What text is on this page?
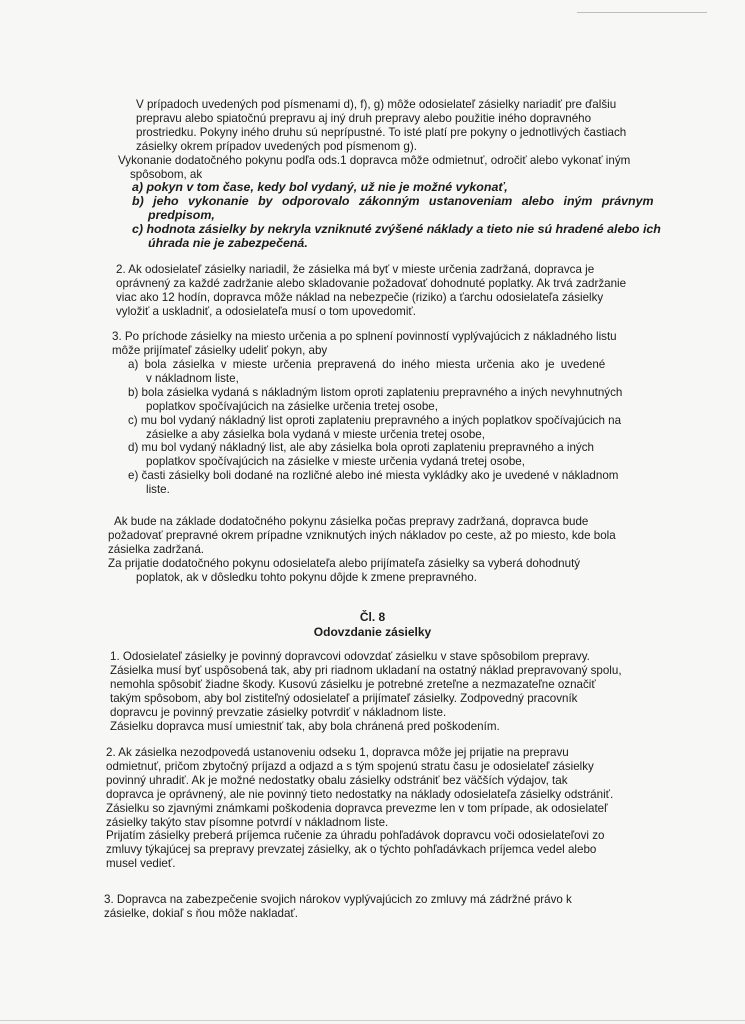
V prípadoch uvedených pod písmenami d), f), g) môže odosielateľ zásielky nariadiť pre ďalšiu
prepravu alebo spiatočnú prepravu aj iný druh prepravy alebo použitie iného dopravného
prostriedku. Pokyny iného druhu sú neprípustné. To isté platí pre pokyny o jednotlivých častiach
zásielky okrem prípadov uvedených pod písmenom g).
Vykonanie dodatočného pokynu podľa ods.1 dopravca môže odmietnuť, odročiť alebo vykonať iným
spôsobom, ak
a) pokyn v tom čase, kedy bol vydaný, už nie je možné vykonať,
b) jeho vykonanie by odporovalo zákonným ustanoveniam alebo iným právnym
predpisom,
c) hodnota zásielky by nekryla vzniknuté zvýšené náklady a tieto nie sú hradené alebo ich
úhrada nie je zabezpečená.
2. Ak odosielateľ zásielky nariadil, že zásielka má byť v mieste určenia zadržaná, dopravca je
oprávnený za každé zadržanie alebo skladovanie požadovať dohodnuté poplatky. Ak trvá zadržanie
viac ako 12 hodín, dopravca môže náklad na nebezpečie (riziko) a ťarchu odosielateľa zásielky
vyložiť a uskladniť, a odosielateľa musí o tom upovedomiť.
3. Po príchode zásielky na miesto určenia a po splnení povinností vyplývajúcich z nákladného listu
môže prijímateľ zásielky udeliť pokyn, aby
a) bola zásielka v mieste určenia prepravená do iného miesta určenia ako je uvedené
v nákladnom liste,
b) bola zásielka vydaná s nákladným listom oproti zaplateniu prepravného a iných nevyhnutných
poplatkov spočívajúcich na zásielke určenia tretej osobe,
c) mu bol vydaný nákladný list oproti zaplateniu prepravného a iných poplatkov spočívajúcich na
zásielke a aby zásielka bola vydaná v mieste určenia tretej osobe,
d) mu bol vydaný nákladný list, ale aby zásielka bola oproti zaplateniu prepravného a iných
poplatkov spočívajúcich na zásielke v mieste určenia vydaná tretej osobe,
e) časti zásielky boli dodané na rozličné alebo iné miesta vykládky ako je uvedené v nákladnom
liste.
Ak bude na základe dodatočného pokynu zásielka počas prepravy zadržaná, dopravca bude
požadovať prepravné okrem prípadne vzniknutých iných nákladov po ceste, až po miesto, kde bola
zásielka zadržaná.
Za prijatie dodatočného pokynu odosielateľa alebo prijímateľa zásielky sa vyberá dohodnutý
poplatok, ak v dôsledku tohto pokynu dôjde k zmene prepravného.
Čl. 8
Odovzdanie zásielky
1. Odosielateľ zásielky je povinný dopravcovi odovzdať zásielku v stave spôsobilom prepravy.
Zásielka musí byť uspôsobená tak, aby pri riadnom ukladaní na ostatný náklad prepravovaný spolu,
nemohla spôsobiť žiadne škody. Kusovú zásielku je potrebné zreteľne a nezmazateľne označiť
takým spôsobom, aby bol zistiteľný odosielateľ a prijímateľ zásielky. Zodpovedný pracovník
dopravcu je povinný prevzatie zásielky potvrdiť v nákladnom liste.
Zásielku dopravca musí umiestniť tak, aby bola chránená pred poškodením.
2. Ak zásielka nezodpovedá ustanoveniu odseku 1, dopravca môže jej prijatie na prepravu
odmietnuť, pričom zbytočný príjazd a odjazd a s tým spojenú stratu času je odosielateľ zásielky
povinný uhradiť. Ak je možné nedostatky obalu zásielky odstrániť bez väčších výdajov, tak
dopravca je oprávnený, ale nie povinný tieto nedostatky na náklady odosielateľa zásielky odstrániť.
Zásielku so zjavnými známkami poškodenia dopravca prevezme len v tom prípade, ak odosielateľ
zásielky takýto stav písomne potvrdí v nákladnom liste.
Prijatím zásielky preberá príjemca ručenie za úhradu pohľadávok dopravcu voči odosielateľovi zo
zmluvy týkajúcej sa prepravy prevzatej zásielky, ak o týchto pohľadávkach príjemca vedel alebo
musel vedieť.
3. Dopravca na zabezpečenie svojich nárokov vyplývajúcich zo zmluvy má zádržné právo k
zásielke, dokiaľ s ňou môže nakladať.
